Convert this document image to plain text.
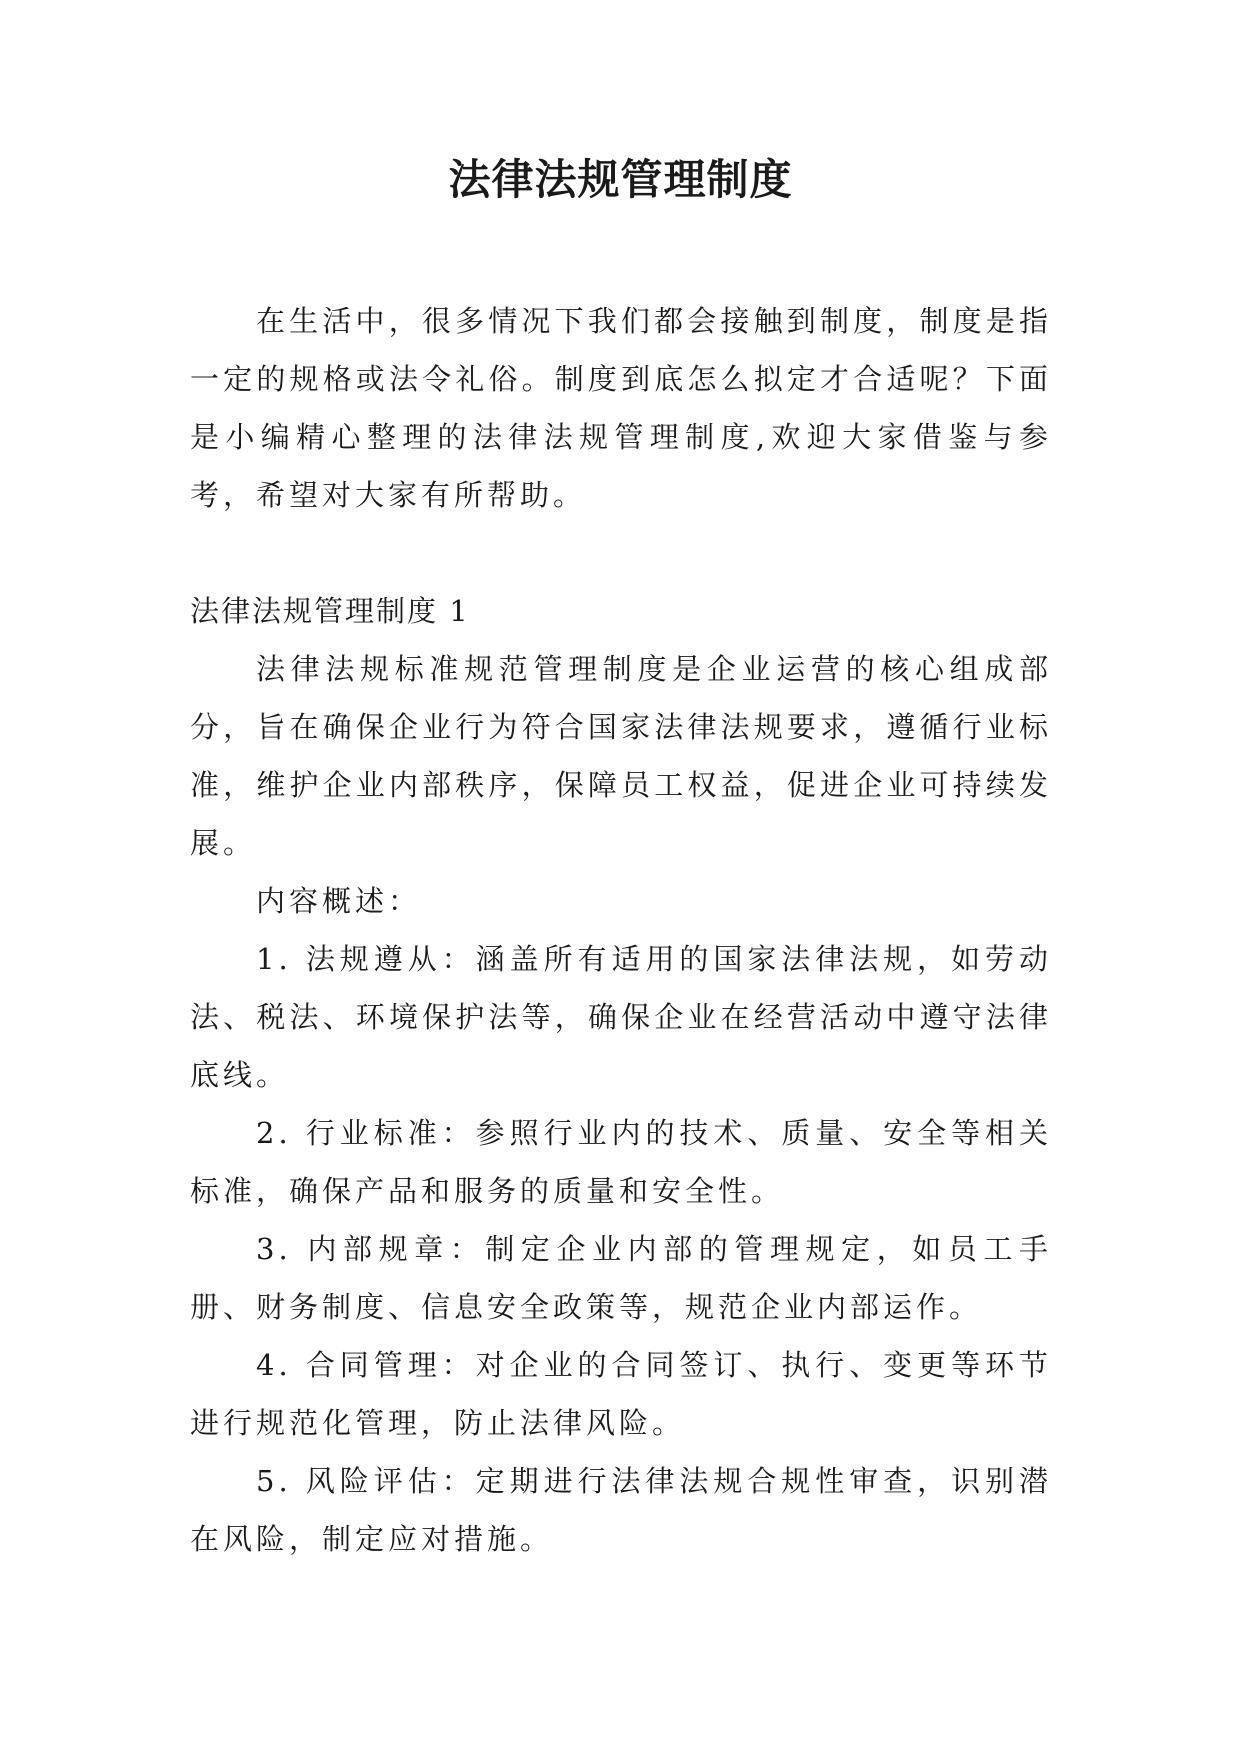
法律法规管理制度

在生活中，很多情况下我们都会接触到制度，制度是指一定的规格或法令礼俗。制度到底怎么拟定才合适呢？下面是小编精心整理的法律法规管理制度,欢迎大家借鉴与参考，希望对大家有所帮助。

法律法规管理制度 1

法律法规标准规范管理制度是企业运营的核心组成部分，旨在确保企业行为符合国家法律法规要求，遵循行业标准，维护企业内部秩序，保障员工权益，促进企业可持续发展。

内容概述：

1. 法规遵从：涵盖所有适用的国家法律法规，如劳动法、税法、环境保护法等，确保企业在经营活动中遵守法律底线。

2. 行业标准：参照行业内的技术、质量、安全等相关标准，确保产品和服务的质量和安全性。

3. 内部规章：制定企业内部的管理规定，如员工手册、财务制度、信息安全政策等，规范企业内部运作。

4. 合同管理：对企业的合同签订、执行、变更等环节进行规范化管理，防止法律风险。

5. 风险评估：定期进行法律法规合规性审查，识别潜在风险，制定应对措施。
